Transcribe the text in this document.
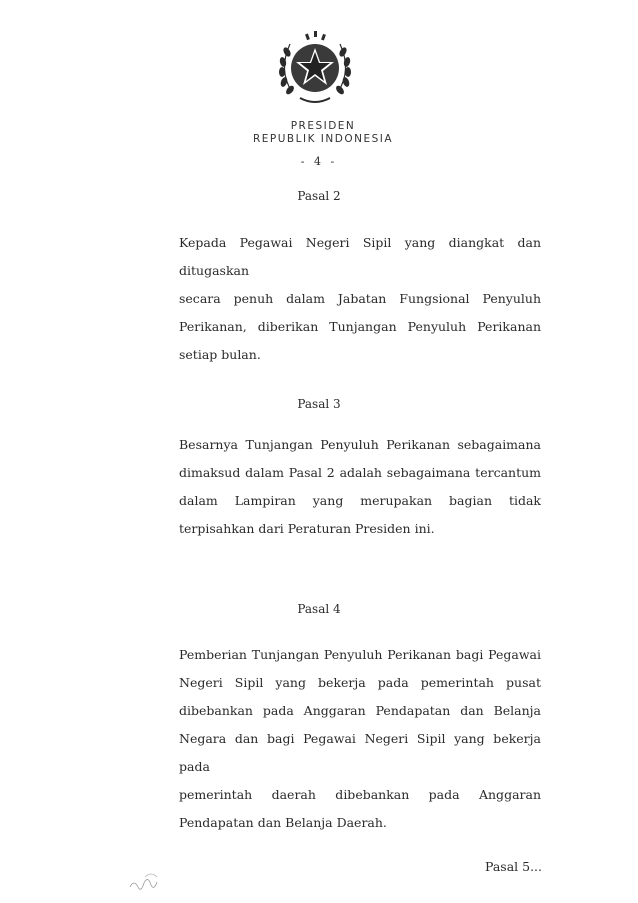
PRESIDEN
REPUBLIK INDONESIA
- 4 -
Pasal 2
Kepada Pegawai Negeri Sipil yang diangkat dan ditugaskan
secara penuh dalam Jabatan Fungsional Penyuluh
Perikanan, diberikan Tunjangan Penyuluh Perikanan
setiap bulan.
Pasal 3
Besarnya Tunjangan Penyuluh Perikanan sebagaimana
dimaksud dalam Pasal 2 adalah sebagaimana tercantum
dalam Lampiran yang merupakan bagian tidak
terpisahkan dari Peraturan Presiden ini.
Pasal 4
Pemberian Tunjangan Penyuluh Perikanan bagi Pegawai
Negeri Sipil yang bekerja pada pemerintah pusat
dibebankan pada Anggaran Pendapatan dan Belanja
Negara dan bagi Pegawai Negeri Sipil yang bekerja pada
pemerintah daerah dibebankan pada Anggaran
Pendapatan dan Belanja Daerah.
Pasal 5...
